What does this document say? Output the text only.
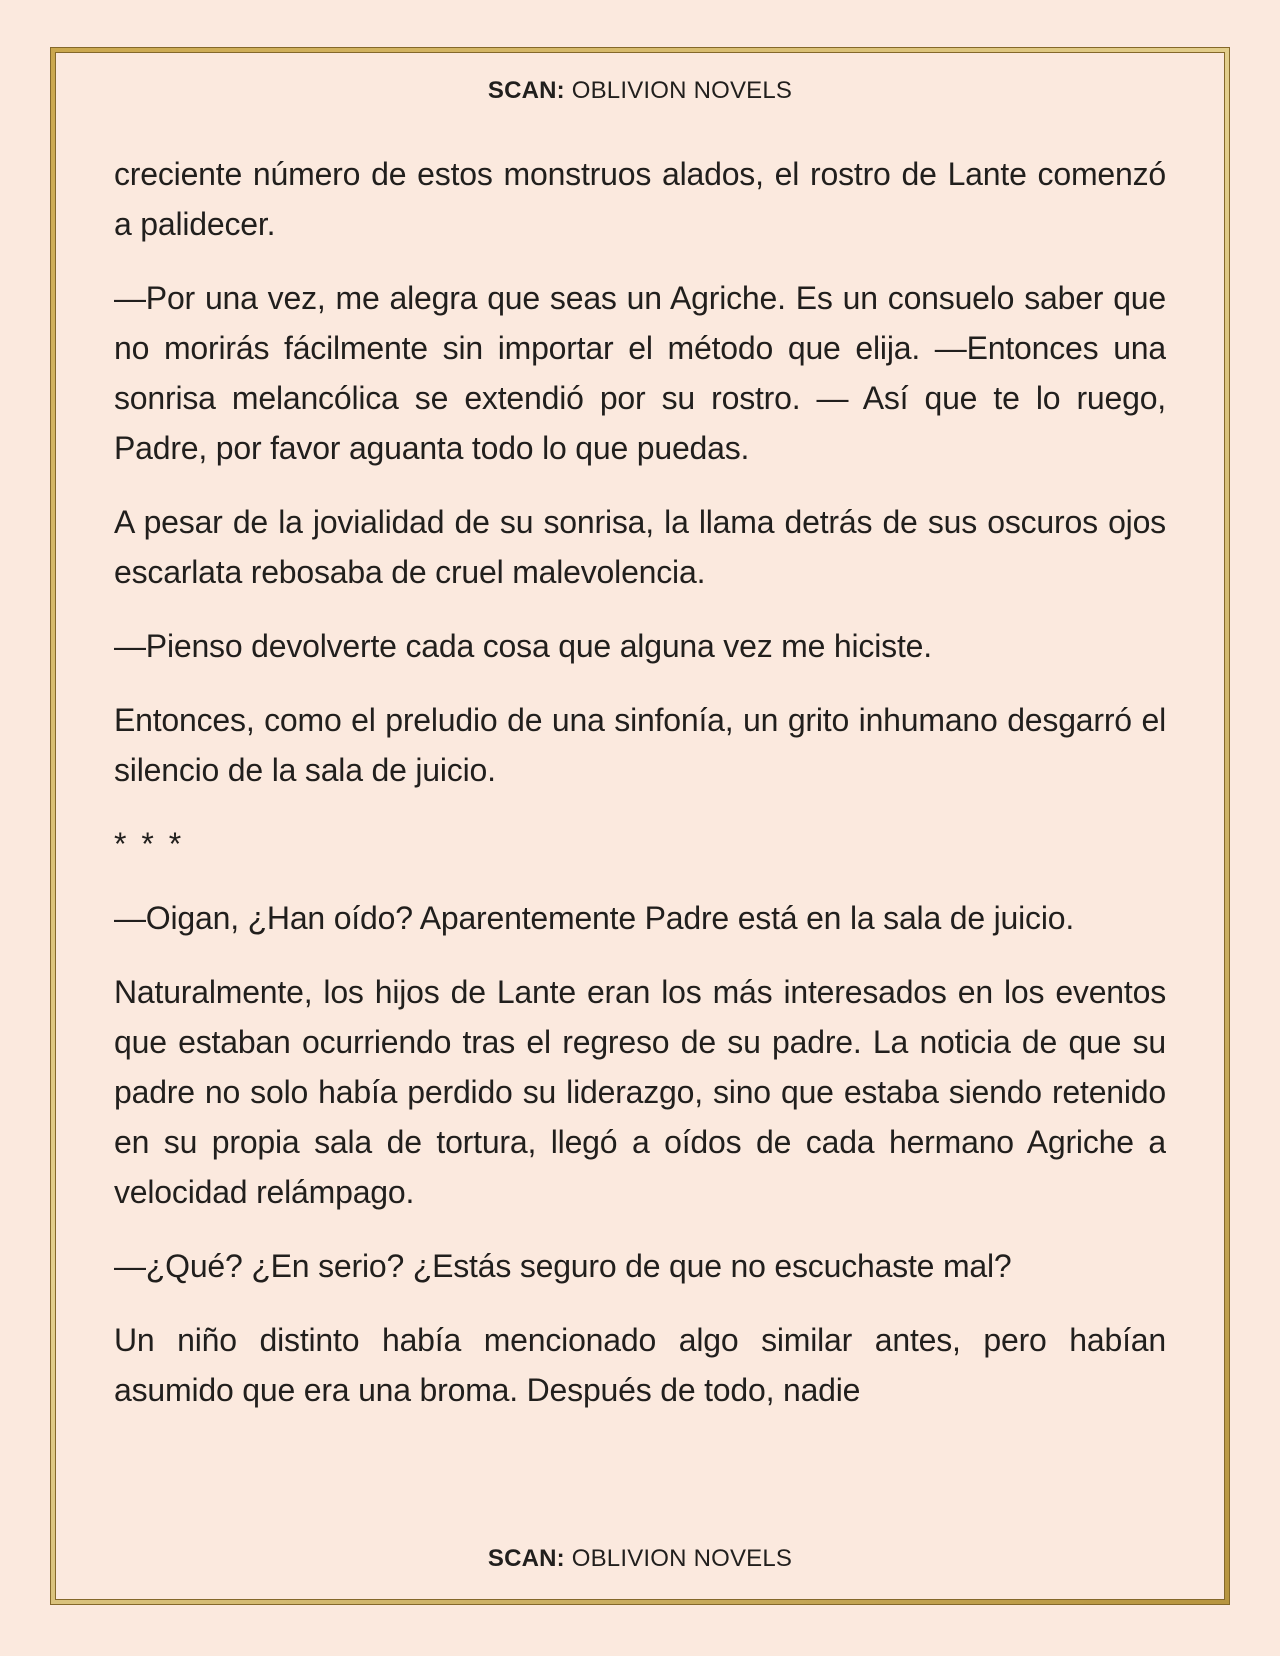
SCAN: OBLIVION NOVELS

creciente número de estos monstruos alados, el rostro de Lante comenzó a palidecer.

—Por una vez, me alegra que seas un Agriche. Es un consuelo saber que no morirás fácilmente sin importar el método que elija. —Entonces una sonrisa melancólica se extendió por su rostro. — Así que te lo ruego, Padre, por favor aguanta todo lo que puedas.

A pesar de la jovialidad de su sonrisa, la llama detrás de sus oscuros ojos escarlata rebosaba de cruel malevolencia.

—Pienso devolverte cada cosa que alguna vez me hiciste.

Entonces, como el preludio de una sinfonía, un grito inhumano desgarró el silencio de la sala de juicio.

* * *

—Oigan, ¿Han oído? Aparentemente Padre está en la sala de juicio.

Naturalmente, los hijos de Lante eran los más interesados en los eventos que estaban ocurriendo tras el regreso de su padre. La noticia de que su padre no solo había perdido su liderazgo, sino que estaba siendo retenido en su propia sala de tortura, llegó a oídos de cada hermano Agriche a velocidad relámpago.

—¿Qué? ¿En serio? ¿Estás seguro de que no escuchaste mal?

Un niño distinto había mencionado algo similar antes, pero habían asumido que era una broma. Después de todo, nadie

SCAN: OBLIVION NOVELS
